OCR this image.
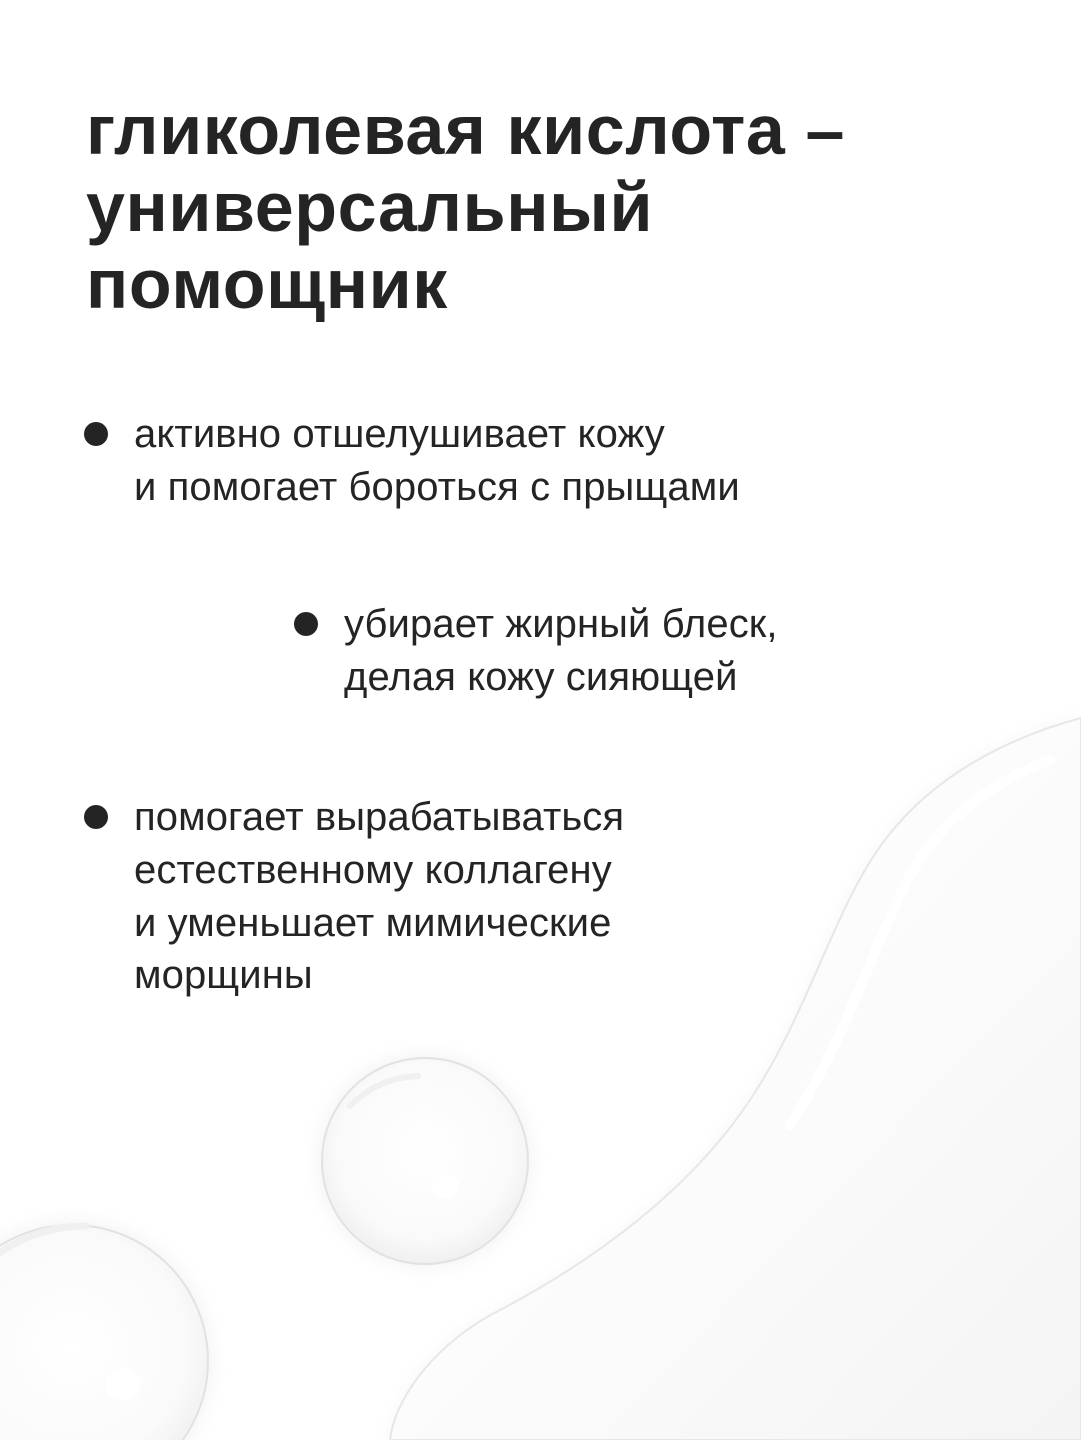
гликолевая кислота –
универсальный
помощник
активно отшелушивает кожу
и помогает бороться с прыщами
убирает жирный блеск,
делая кожу сияющей
помогает вырабатываться
естественному коллагену
и уменьшает мимические
морщины
